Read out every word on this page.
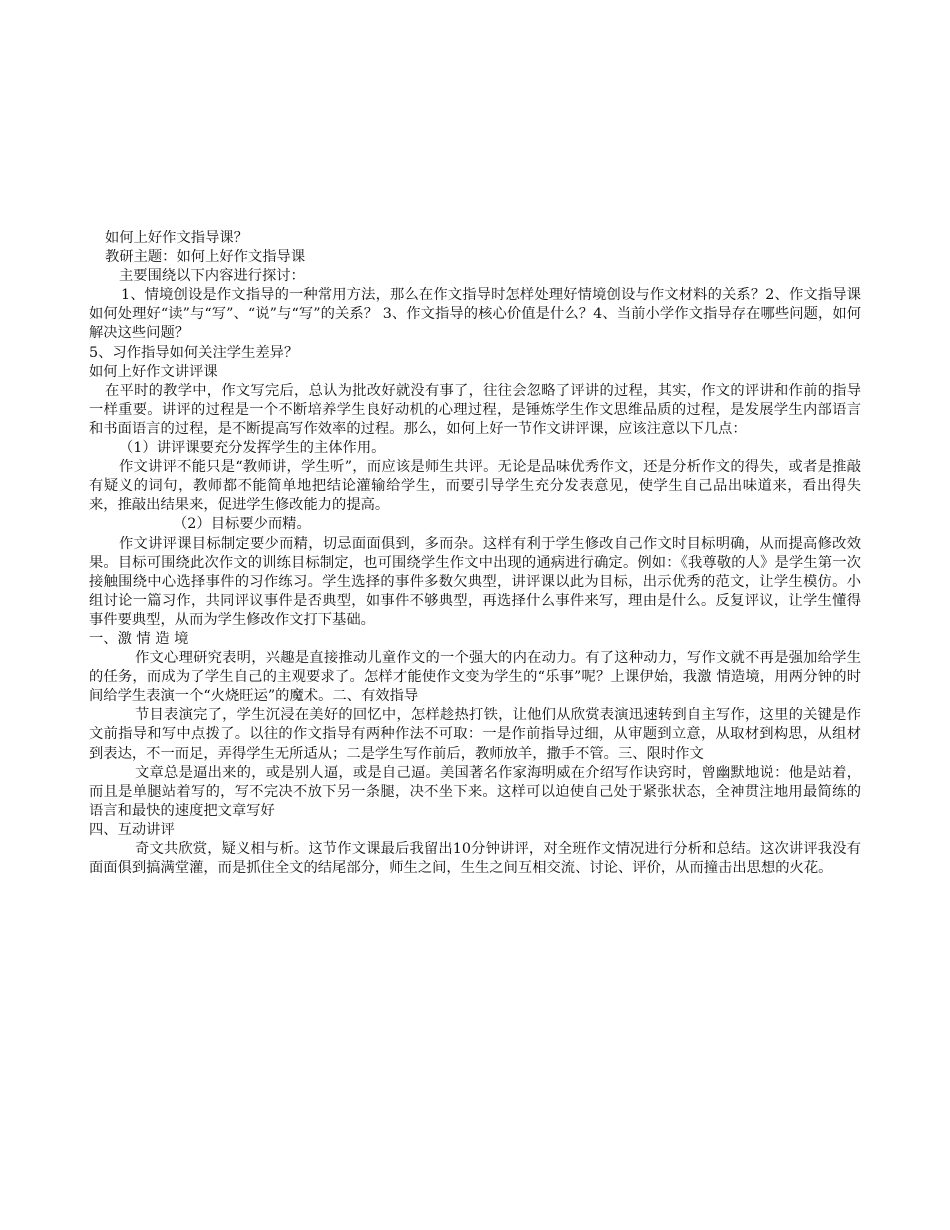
如何上好作文指导课？

教研主题：如何上好作文指导课

主要围绕以下内容进行探讨：

1、情境创设是作文指导的一种常用方法，那么在作文指导时怎样处理好情境创设与作文材料的关系？2、作文指导课如何处理好“读”与“写”、“说”与“写”的关系？ 3、作文指导的核心价值是什么？4、当前小学作文指导存在哪些问题，如何解决这些问题？

5、习作指导如何关注学生差异？

如何上好作文讲评课

在平时的教学中，作文写完后，总认为批改好就没有事了，往往会忽略了评讲的过程，其实，作文的评讲和作前的指导一样重要。讲评的过程是一个不断培养学生良好动机的心理过程，是锤炼学生作文思维品质的过程，是发展学生内部语言和书面语言的过程，是不断提高写作效率的过程。那么，如何上好一节作文讲评课，应该注意以下几点：

（1）讲评课要充分发挥学生的主体作用。

作文讲评不能只是“教师讲，学生听”，而应该是师生共评。无论是品味优秀作文，还是分析作文的得失，或者是推敲有疑义的词句，教师都不能简单地把结论灌输给学生，而要引导学生充分发表意见，使学生自己品出味道来，看出得失来，推敲出结果来，促进学生修改能力的提高。

（2）目标要少而精。

作文讲评课目标制定要少而精，切忌面面俱到，多而杂。这样有利于学生修改自己作文时目标明确，从而提高修改效果。目标可围绕此次作文的训练目标制定，也可围绕学生作文中出现的通病进行确定。例如：《我尊敬的人》是学生第一次接触围绕中心选择事件的习作练习。学生选择的事件多数欠典型，讲评课以此为目标，出示优秀的范文，让学生模仿。小组讨论一篇习作，共同评议事件是否典型，如事件不够典型，再选择什么事件来写，理由是什么。反复评议，让学生懂得事件要典型，从而为学生修改作文打下基础。

一、激 情 造 境

作文心理研究表明，兴趣是直接推动儿童作文的一个强大的内在动力。有了这种动力，写作文就不再是强加给学生的任务，而成为了学生自己的主观要求了。怎样才能使作文变为学生的“乐事”呢？上课伊始，我激 情造境，用两分钟的时间给学生表演一个“火烧旺运”的魔术。二、有效指导

节目表演完了，学生沉浸在美好的回忆中，怎样趁热打铁，让他们从欣赏表演迅速转到自主写作，这里的关键是作文前指导和写中点拨了。以往的作文指导有两种作法不可取：一是作前指导过细，从审题到立意，从取材到构思，从组材到表达，不一而足，弄得学生无所适从；二是学生写作前后，教师放羊，撒手不管。三、限时作文

文章总是逼出来的，或是别人逼，或是自己逼。美国著名作家海明威在介绍写作诀窍时，曾幽默地说：他是站着，而且是单腿站着写的，写不完决不放下另一条腿，决不坐下来。这样可以迫使自己处于紧张状态，全神贯注地用最简练的语言和最快的速度把文章写好

四、互动讲评

奇文共欣赏，疑义相与析。这节作文课最后我留出10分钟讲评，对全班作文情况进行分析和总结。这次讲评我没有面面俱到搞满堂灌，而是抓住全文的结尾部分，师生之间，生生之间互相交流、讨论、评价，从而撞击出思想的火花。
